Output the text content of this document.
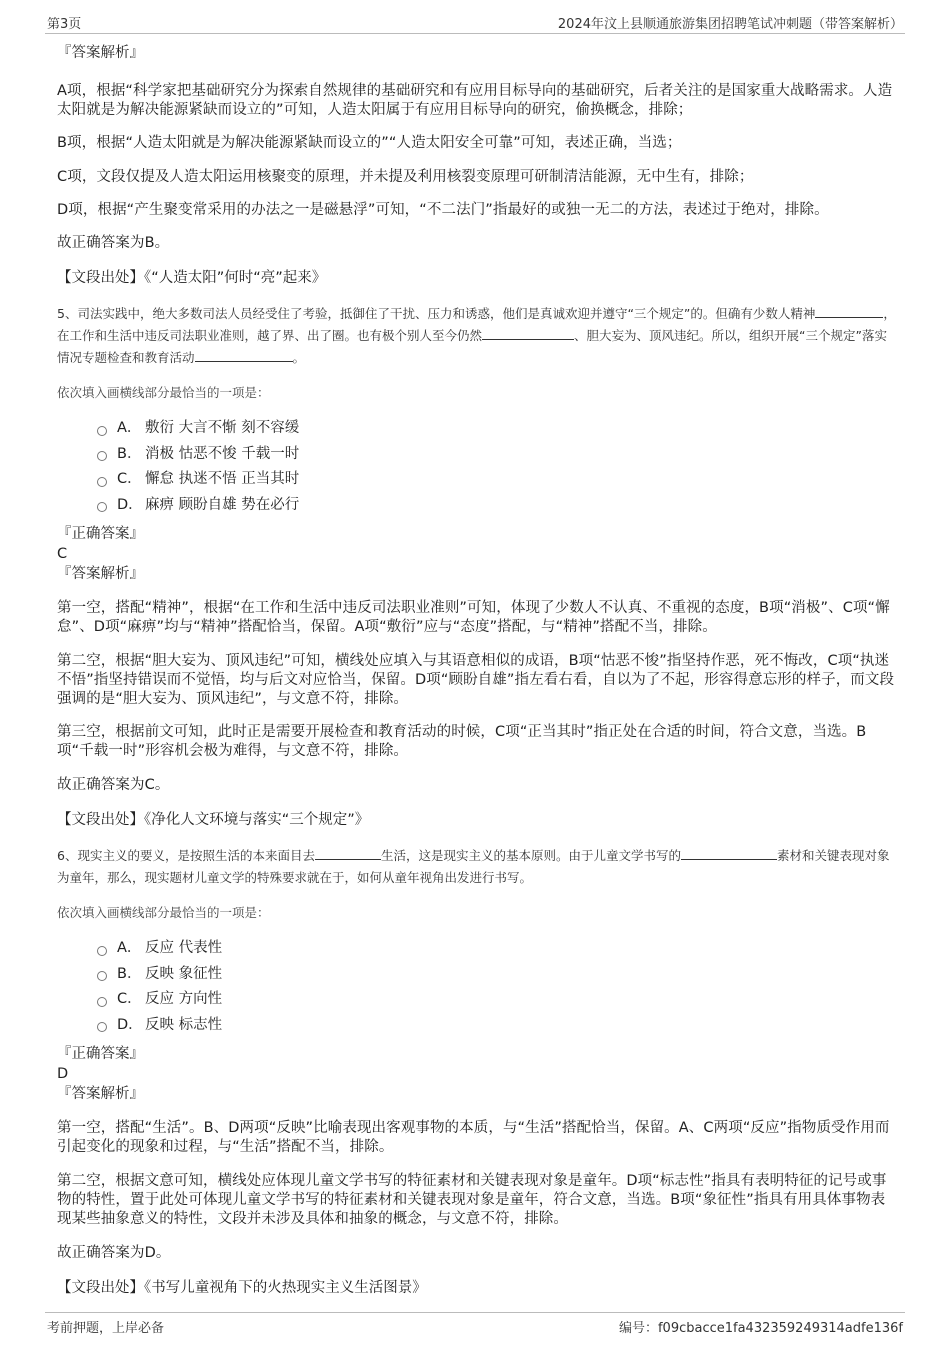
第3页	2024年汶上县顺通旅游集团招聘笔试冲刺题（带答案解析）

『答案解析』

A项，根据“科学家把基础研究分为探索自然规律的基础研究和有应用目标导向的基础研究，后者关注的是国家重大战略需求。人造太阳就是为解决能源紧缺而设立的”可知，人造太阳属于有应用目标导向的研究，偷换概念，排除；

B项，根据“人造太阳就是为解决能源紧缺而设立的”“人造太阳安全可靠”可知，表述正确，当选；

C项，文段仅提及人造太阳运用核聚变的原理，并未提及利用核裂变原理可研制清洁能源，无中生有，排除；

D项，根据“产生聚变常采用的办法之一是磁悬浮”可知，“不二法门”指最好的或独一无二的方法，表述过于绝对，排除。

故正确答案为B。

【文段出处】《“人造太阳”何时“亮”起来》

5、司法实践中，绝大多数司法人员经受住了考验，抵御住了干扰、压力和诱惑，他们是真诚欢迎并遵守“三个规定”的。但确有少数人精神	，在工作和生活中违反司法职业准则，越了界、出了圈。也有极个别人至今仍然	、胆大妄为、顶风违纪。所以，组织开展“三个规定”落实情况专题检查和教育活动	。

依次填入画横线部分最恰当的一项是：

A． 敷衍 大言不惭 刻不容缓
B． 消极 怙恶不悛 千载一时
C． 懈怠 执迷不悟 正当其时
D． 麻痹 顾盼自雄 势在必行

『正确答案』

C

『答案解析』

第一空，搭配“精神”，根据“在工作和生活中违反司法职业准则”可知，体现了少数人不认真、不重视的态度，B项“消极”、C项“懈怠”、D项“麻痹”均与“精神”搭配恰当，保留。A项“敷衍”应与“态度”搭配，与“精神”搭配不当，排除。

第二空，根据“胆大妄为、顶风违纪”可知，横线处应填入与其语意相似的成语，B项“怙恶不悛”指坚持作恶，死不悔改，C项“执迷不悟”指坚持错误而不觉悟，均与后文对应恰当，保留。D项“顾盼自雄”指左看右看，自以为了不起，形容得意忘形的样子，而文段强调的是“胆大妄为、顶风违纪”，与文意不符，排除。

第三空，根据前文可知，此时正是需要开展检查和教育活动的时候，C项“正当其时”指正处在合适的时间，符合文意，当选。B项“千载一时”形容机会极为难得，与文意不符，排除。

故正确答案为C。

【文段出处】《净化人文环境与落实“三个规定”》

6、现实主义的要义，是按照生活的本来面目去	生活，这是现实主义的基本原则。由于儿童文学书写的	素材和关键表现对象为童年，那么，现实题材儿童文学的特殊要求就在于，如何从童年视角出发进行书写。

依次填入画横线部分最恰当的一项是：

A． 反应 代表性
B． 反映 象征性
C． 反应 方向性
D． 反映 标志性

『正确答案』

D

『答案解析』

第一空，搭配“生活”。B、D两项“反映”比喻表现出客观事物的本质，与“生活”搭配恰当，保留。A、C两项“反应”指物质受作用而引起变化的现象和过程，与“生活”搭配不当，排除。

第二空，根据文意可知，横线处应体现儿童文学书写的特征素材和关键表现对象是童年。D项“标志性”指具有表明特征的记号或事物的特性，置于此处可体现儿童文学书写的特征素材和关键表现对象是童年，符合文意，当选。B项“象征性”指具有用具体事物表现某些抽象意义的特性，文段并未涉及具体和抽象的概念，与文意不符，排除。

故正确答案为D。

【文段出处】《书写儿童视角下的火热现实主义生活图景》

考前押题，上岸必备	编号：f09cbacce1fa432359249314adfe136f
